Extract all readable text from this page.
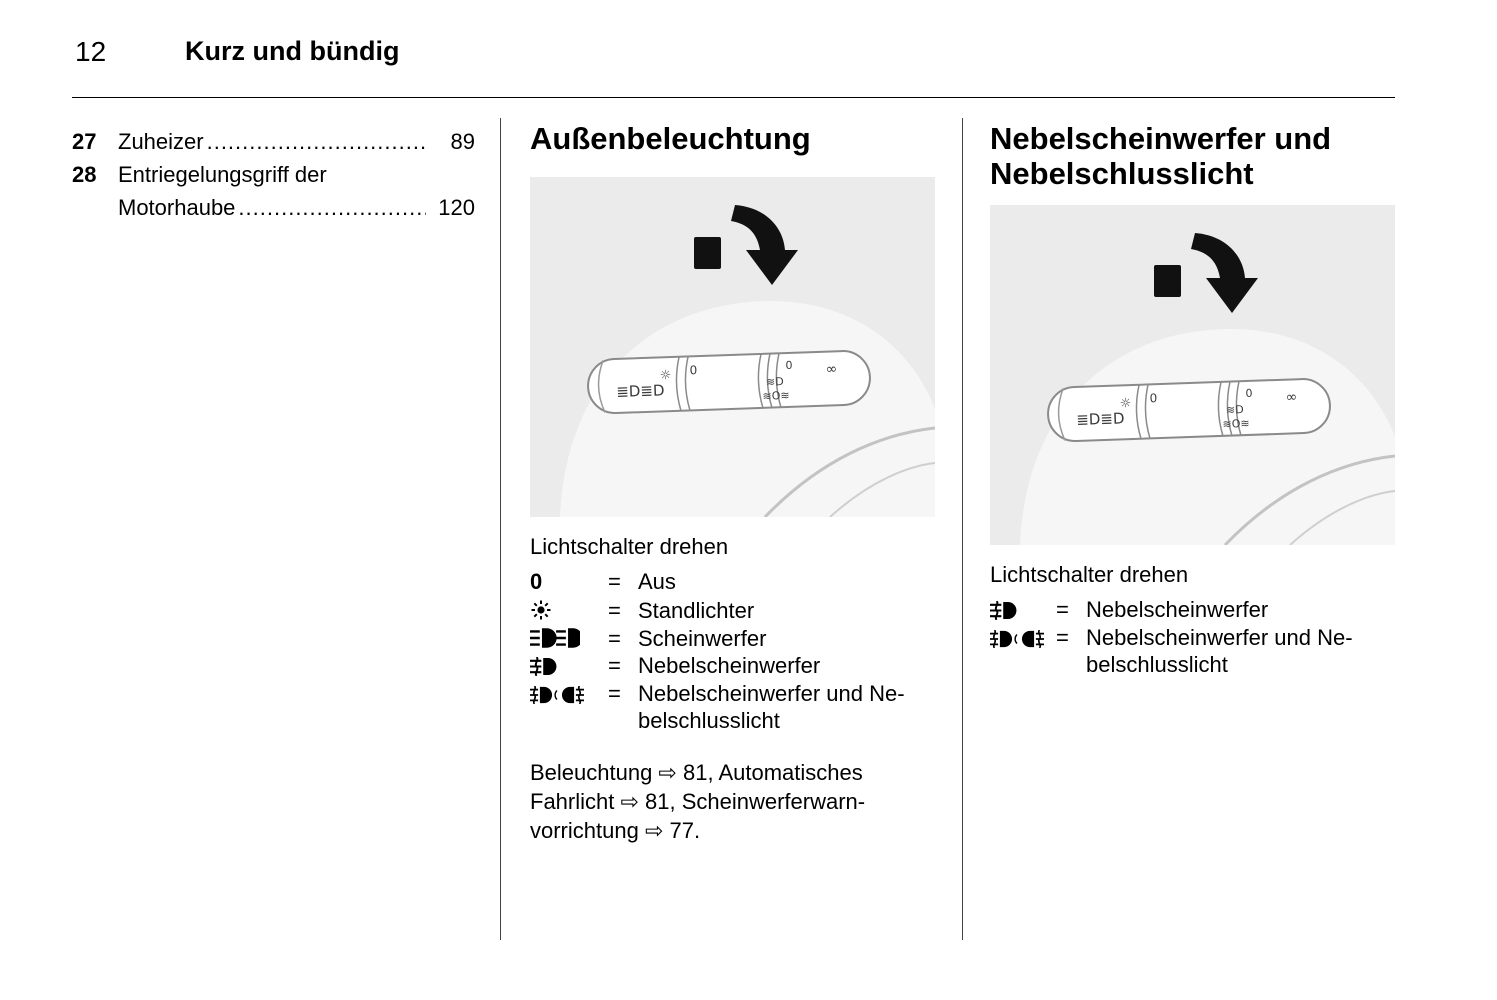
12	Kurz und bündig
27 Zuheizer .....	89
28 Entriegelungsgriff der
Motorhaube .....	120
Außenbeleuchtung
Lichtschalter drehen
0	= Aus
= Standlichter
= Scheinwerfer
= Nebelscheinwerfer
= Nebelscheinwerfer und Ne-
belschlusslicht
Beleuchtung ⇨ 81, Automatisches
Fahrlicht ⇨ 81, Scheinwerferwarn-
vorrichtung ⇨ 77.
Nebelscheinwerfer und
Nebelschlusslicht
Lichtschalter drehen
= Nebelscheinwerfer
= Nebelscheinwerfer und Ne-
belschlusslicht
